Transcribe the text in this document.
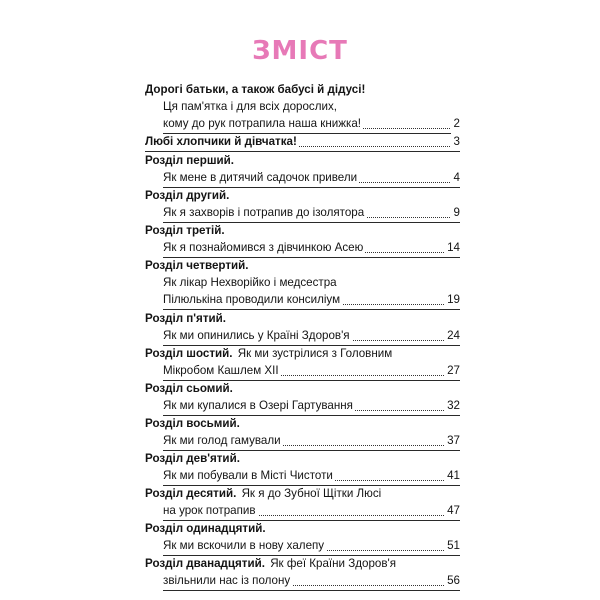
ЗМІСТ
Дорогі батьки, а також бабусі й дідусі!
Ця пам'ятка і для всіх дорослих,
кому до рук потрапила наша книжка!	2
Любі хлопчики й дівчатка!	3
Розділ перший.
Як мене в дитячий садочок привели	4
Розділ другий.
Як я захворів і потрапив до ізолятора	9
Розділ третій.
Як я познайомився з дівчинкою Асею	14
Розділ четвертий.
Як лікар Нехворійко і медсестра
Пілюлькіна проводили консиліум	19
Розділ п'ятий.
Як ми опинились у Країні Здоров'я	24
Розділ шостий. Як ми зустрілися з Головним
Мікробом Кашлем XII	27
Розділ сьомий.
Як ми купалися в Озері Гартування	32
Розділ восьмий.
Як ми голод гамували	37
Розділ дев'ятий.
Як ми побували в Місті Чистоти	41
Розділ десятий. Як я до Зубної Щітки Люсі
на урок потрапив	47
Розділ одинадцятий.
Як ми вскочили в нову халепу	51
Розділ дванадцятий. Як феї Країни Здоров'я
звільнили нас із полону	56
